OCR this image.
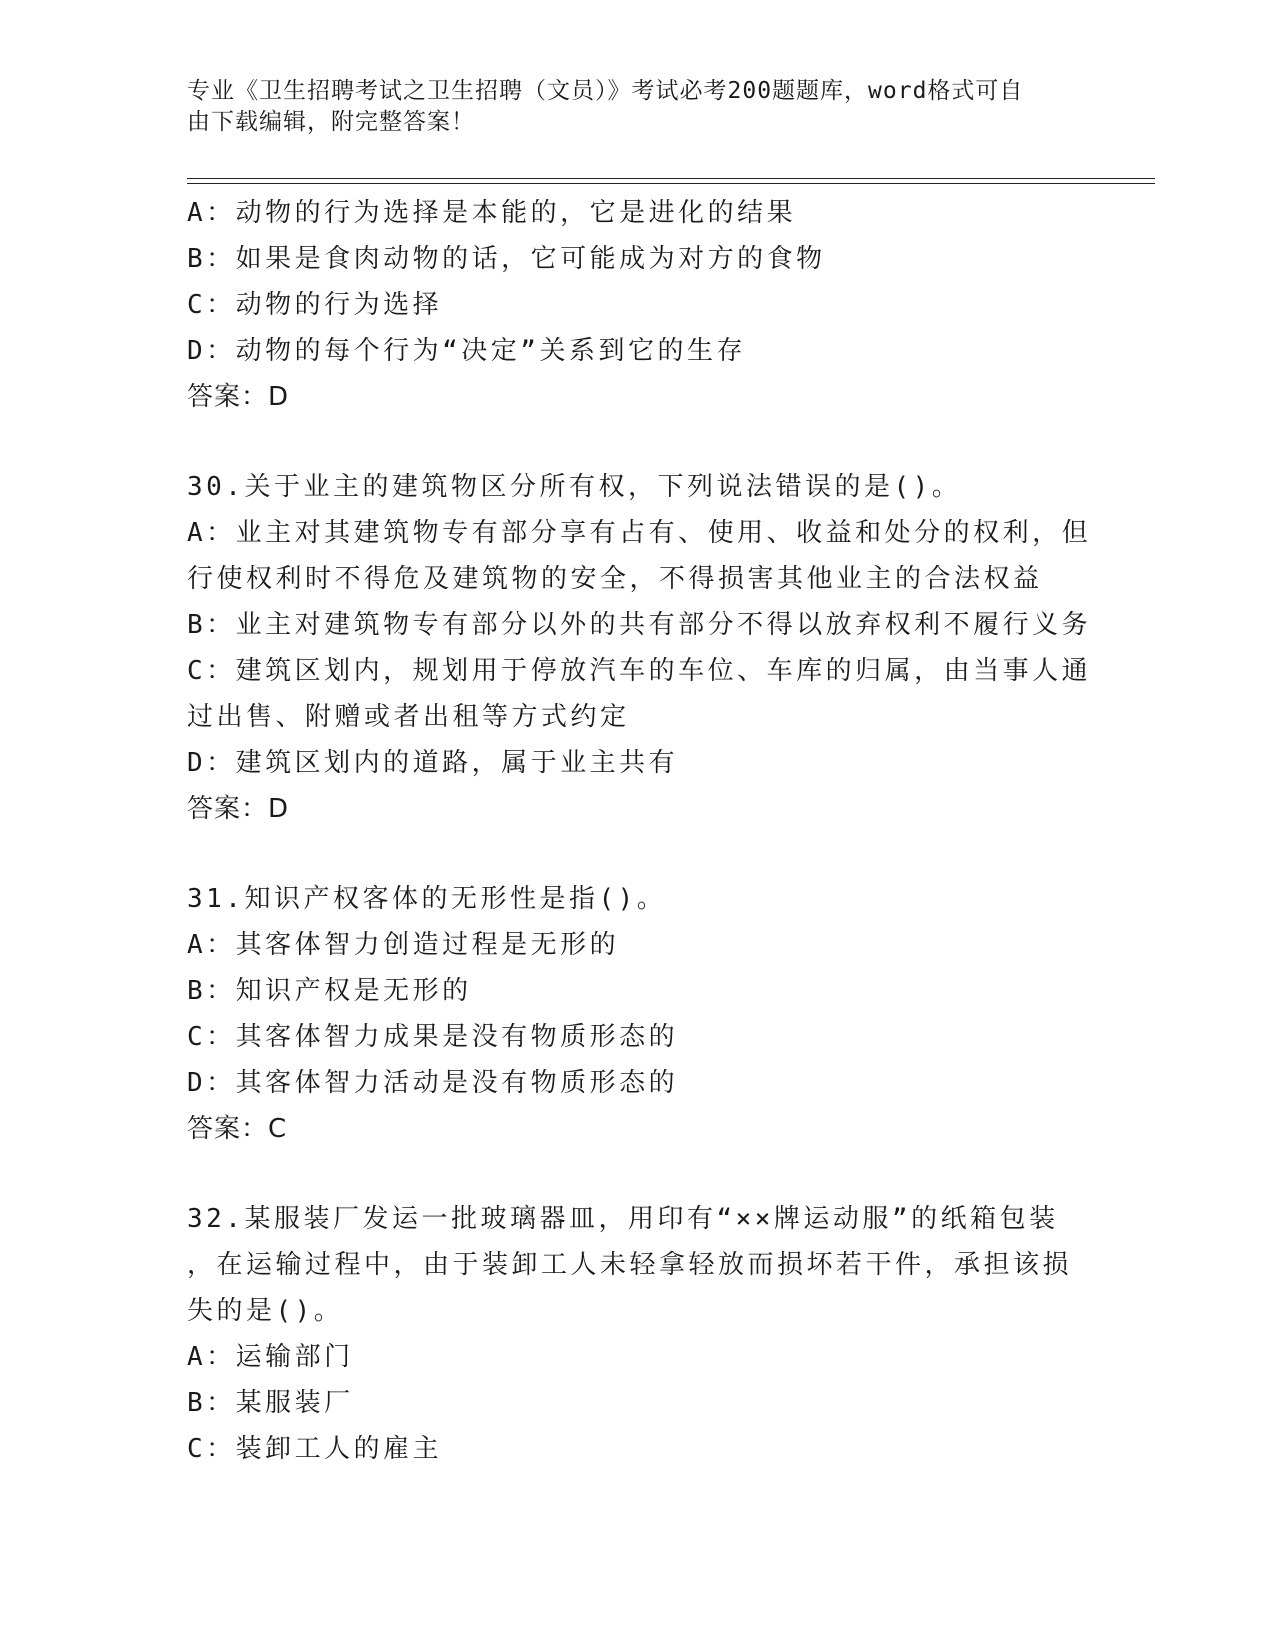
专业《卫生招聘考试之卫生招聘（文员）》考试必考200题题库，word格式可自
由下载编辑，附完整答案！
A：动物的行为选择是本能的，它是进化的结果
B：如果是食肉动物的话，它可能成为对方的食物
C：动物的行为选择
D：动物的每个行为“决定”关系到它的生存
答案：D
30.关于业主的建筑物区分所有权，下列说法错误的是()。
A：业主对其建筑物专有部分享有占有、使用、收益和处分的权利，但
行使权利时不得危及建筑物的安全，不得损害其他业主的合法权益
B：业主对建筑物专有部分以外的共有部分不得以放弃权利不履行义务
C：建筑区划内，规划用于停放汽车的车位、车库的归属，由当事人通
过出售、附赠或者出租等方式约定
D：建筑区划内的道路，属于业主共有
答案：D
31.知识产权客体的无形性是指()。
A：其客体智力创造过程是无形的
B：知识产权是无形的
C：其客体智力成果是没有物质形态的
D：其客体智力活动是没有物质形态的
答案：C
32.某服装厂发运一批玻璃器皿，用印有“××牌运动服”的纸箱包装
，在运输过程中，由于装卸工人未轻拿轻放而损坏若干件，承担该损
失的是()。
A：运输部门
B：某服装厂
C：装卸工人的雇主
